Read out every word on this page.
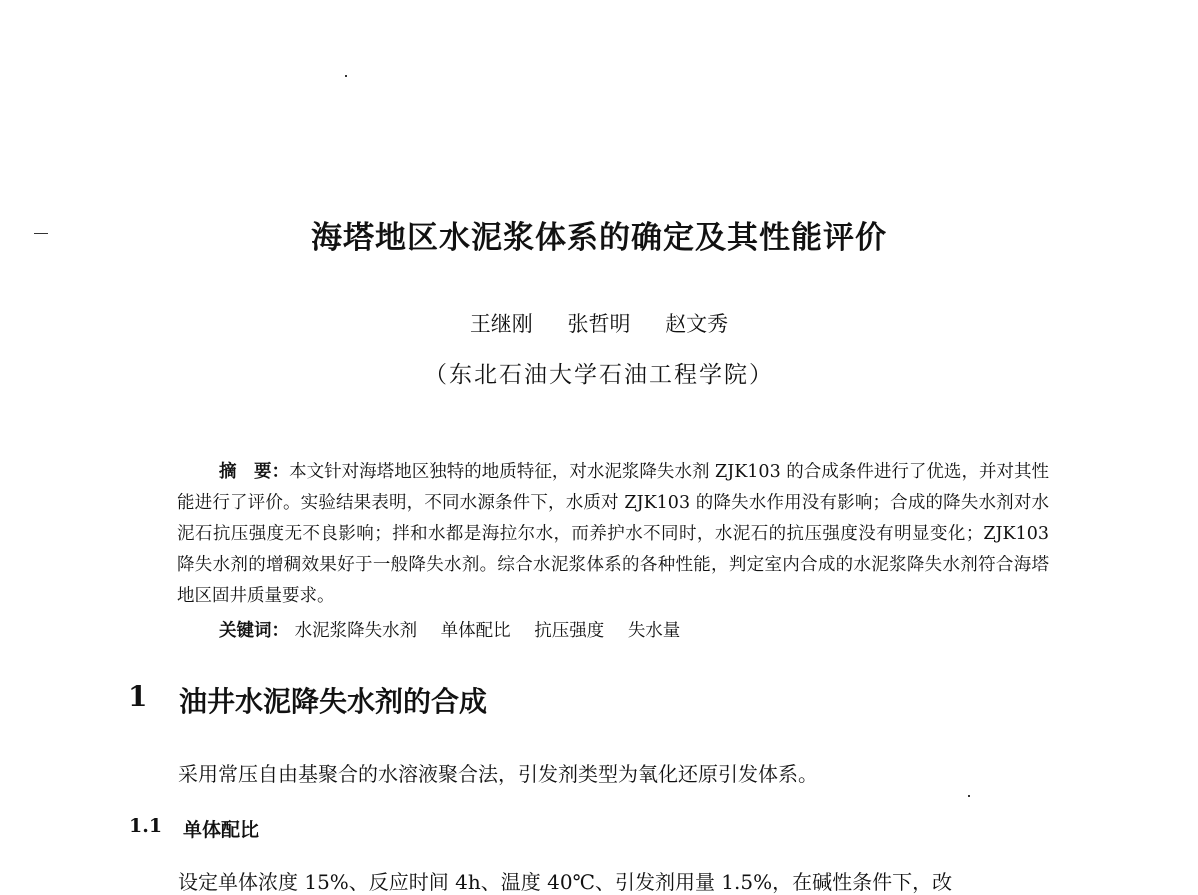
海塔地区水泥浆体系的确定及其性能评价
王继刚 张哲明 赵文秀
（东北石油大学石油工程学院）
摘　要：本文针对海塔地区独特的地质特征，对水泥浆降失水剂 ZJK103 的合成条件进行了优选，并对其性能进行了评价。实验结果表明，不同水源条件下，水质对 ZJK103 的降失水作用没有影响；合成的降失水剂对水泥石抗压强度无不良影响；拌和水都是海拉尔水，而养护水不同时，水泥石的抗压强度没有明显变化；ZJK103 降失水剂的增稠效果好于一般降失水剂。综合水泥浆体系的各种性能，判定室内合成的水泥浆降失水剂符合海塔地区固井质量要求。
关键词： 水泥浆降失水剂 单体配比 抗压强度 失水量
1 油井水泥降失水剂的合成
采用常压自由基聚合的水溶液聚合法，引发剂类型为氧化还原引发体系。
1.1 单体配比
设定单体浓度 15%、反应时间 4h、温度 40℃、引发剂用量 1.5%，在碱性条件下，改
